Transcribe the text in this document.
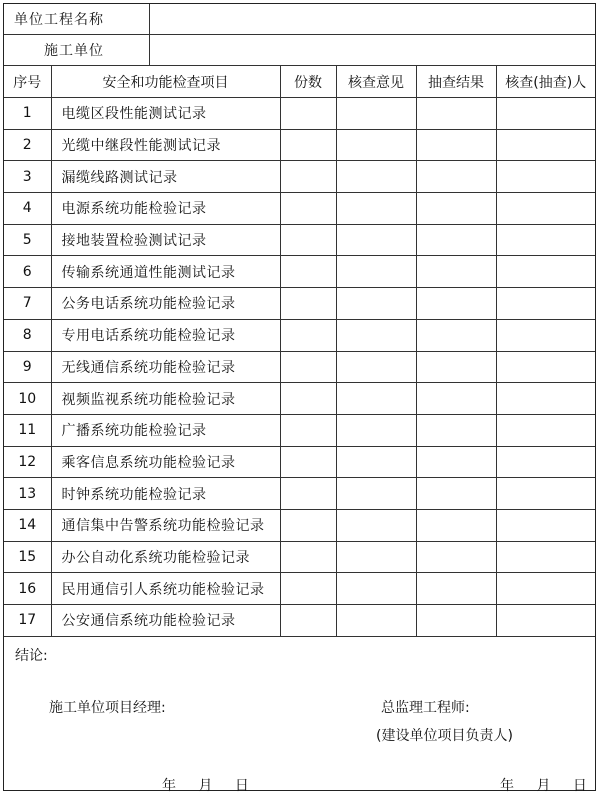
单位工程名称	
施工单位	
序号	安全和功能检查项目	份数	核查意见	抽查结果	核查(抽查)人
1	电缆区段性能测试记录				
2	光缆中继段性能测试记录				
3	漏缆线路测试记录				
4	电源系统功能检验记录				
5	接地装置检验测试记录				
6	传输系统通道性能测试记录				
7	公务电话系统功能检验记录				
8	专用电话系统功能检验记录				
9	无线通信系统功能检验记录				
10	视频监视系统功能检验记录				
11	广播系统功能检验记录				
12	乘客信息系统功能检验记录				
13	时钟系统功能检验记录				
14	通信集中告警系统功能检验记录				
15	办公自动化系统功能检验记录				
16	民用通信引人系统功能检验记录				
17	公安通信系统功能检验记录				
结论:
施工单位项目经理:	总监理工程师:
(建设单位项目负责人)
年 月 日	年 月 日
